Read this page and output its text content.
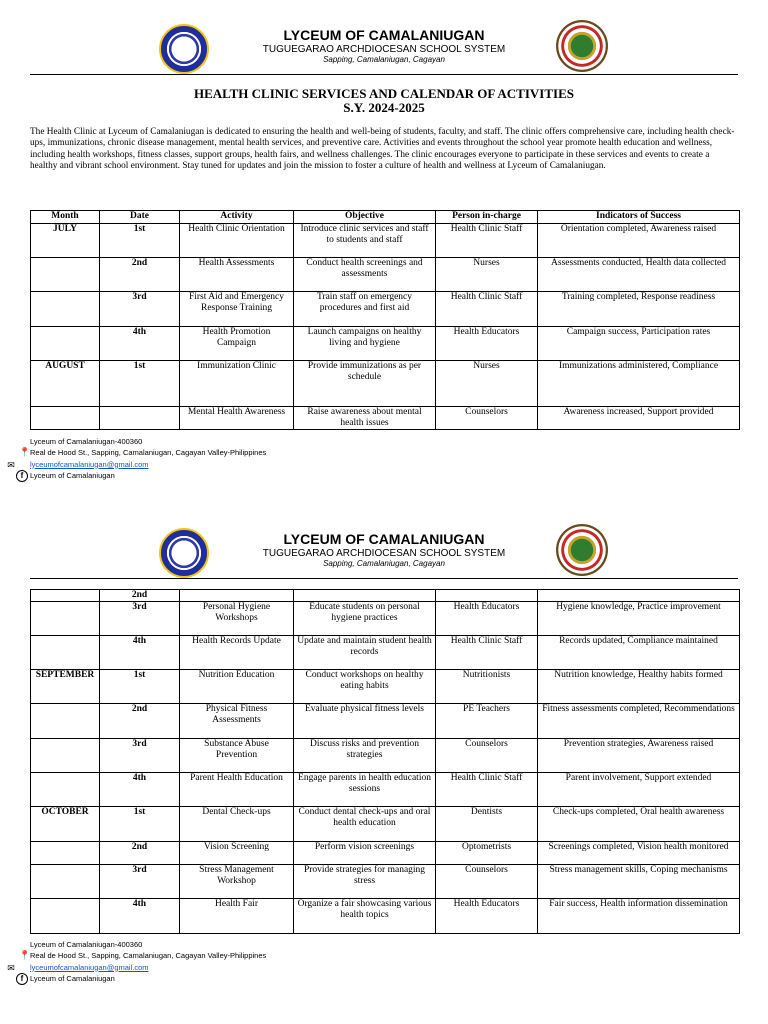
LYCEUM OF CAMALANIUGAN
TUGUEGARAO ARCHDIOCESAN SCHOOL SYSTEM
Sapping, Camalaniugan, Cagayan
HEALTH CLINIC SERVICES AND CALENDAR OF ACTIVITIES
S.Y. 2024-2025
The Health Clinic at Lyceum of Camalaniugan is dedicated to ensuring the health and well-being of students, faculty, and staff. The clinic offers comprehensive care, including health check-ups, immunizations, chronic disease management, mental health services, and preventive care. Activities and events throughout the school year promote health education and wellness, including health workshops, fitness classes, support groups, health fairs, and wellness challenges. The clinic encourages everyone to participate in these services and events to create a healthy and vibrant school environment. Stay tuned for updates and join the mission to foster a culture of health and wellness at Lyceum of Camalaniugan.
Month	Date	Activity	Objective	Person in-charge	Indicators of Success
JULY	1st	Health Clinic Orientation	Introduce clinic services and staff to students and staff	Health Clinic Staff	Orientation completed, Awareness raised
	2nd	Health Assessments	Conduct health screenings and assessments	Nurses	Assessments conducted, Health data collected
	3rd	First Aid and Emergency Response Training	Train staff on emergency procedures and first aid	Health Clinic Staff	Training completed, Response readiness
	4th	Health Promotion Campaign	Launch campaigns on healthy living and hygiene	Health Educators	Campaign success, Participation rates
AUGUST	1st	Immunization Clinic	Provide immunizations as per schedule	Nurses	Immunizations administered, Compliance
		Mental Health Awareness	Raise awareness about mental health issues	Counselors	Awareness increased, Support provided
Lyceum of Camalaniugan-400360
📍 Real de Hood St., Sapping, Camalaniugan, Cagayan Valley-Philippines
✉ lyceumofcamalaniugan@gmail.com
f Lyceum of Camalaniugan
LYCEUM OF CAMALANIUGAN
TUGUEGARAO ARCHDIOCESAN SCHOOL SYSTEM
Sapping, Camalaniugan, Cagayan
	2nd				
	3rd	Personal Hygiene Workshops	Educate students on personal hygiene practices	Health Educators	Hygiene knowledge, Practice improvement
	4th	Health Records Update	Update and maintain student health records	Health Clinic Staff	Records updated, Compliance maintained
SEPTEMBER	1st	Nutrition Education	Conduct workshops on healthy eating habits	Nutritionists	Nutrition knowledge, Healthy habits formed
	2nd	Physical Fitness Assessments	Evaluate physical fitness levels	PE Teachers	Fitness assessments completed, Recommendations
	3rd	Substance Abuse Prevention	Discuss risks and prevention strategies	Counselors	Prevention strategies, Awareness raised
	4th	Parent Health Education	Engage parents in health education sessions	Health Clinic Staff	Parent involvement, Support extended
OCTOBER	1st	Dental Check-ups	Conduct dental check-ups and oral health education	Dentists	Check-ups completed, Oral health awareness
	2nd	Vision Screening	Perform vision screenings	Optometrists	Screenings completed, Vision health monitored
	3rd	Stress Management Workshop	Provide strategies for managing stress	Counselors	Stress management skills, Coping mechanisms
	4th	Health Fair	Organize a fair showcasing various health topics	Health Educators	Fair success, Health information dissemination
Lyceum of Camalaniugan-400360
📍 Real de Hood St., Sapping, Camalaniugan, Cagayan Valley-Philippines
✉ lyceumofcamalaniugan@gmail.com
f Lyceum of Camalaniugan
